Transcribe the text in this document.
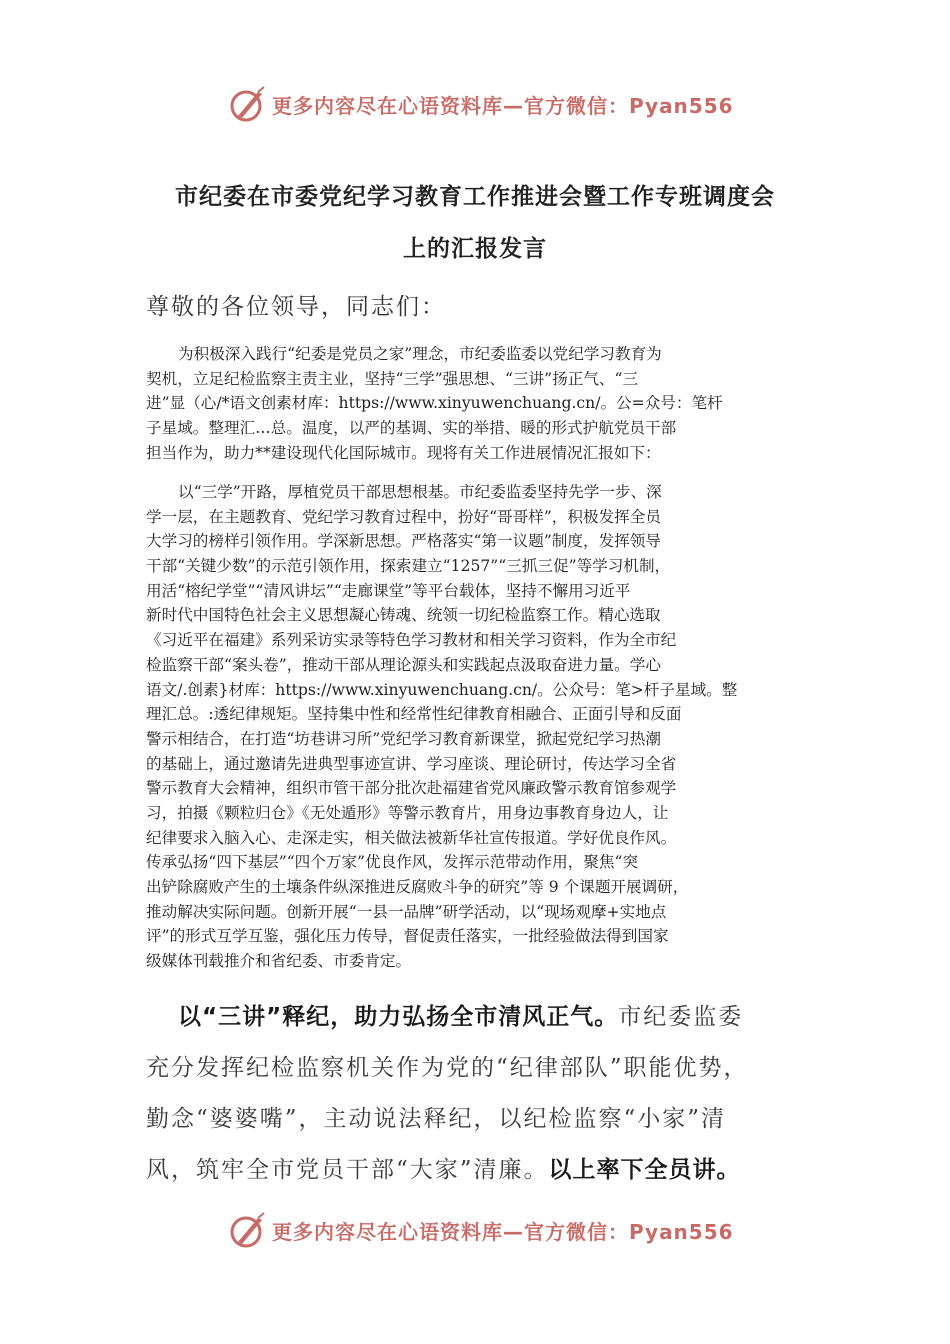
更多内容尽在心语资料库—官方微信：Pyan556
市纪委在市委党纪学习教育工作推进会暨工作专班调度会
上的汇报发言
尊敬的各位领导，同志们：
为积极深入践行“纪委是党员之家”理念，市纪委监委以党纪学习教育为
契机，立足纪检监察主责主业，坚持“三学”强思想、“三讲”扬正气、“三
进”显（心/*语文创素材库：https://www.xinyuwenchuang.cn/。公=众号：笔杆
子星域。整理汇…总。温度，以严的基调、实的举措、暖的形式护航党员干部
担当作为，助力**建设现代化国际城市。现将有关工作进展情况汇报如下：
以“三学”开路，厚植党员干部思想根基。市纪委监委坚持先学一步、深
学一层，在主题教育、党纪学习教育过程中，扮好“哥哥样”，积极发挥全员
大学习的榜样引领作用。学深新思想。严格落实“第一议题”制度，发挥领导
干部“关键少数”的示范引领作用，探索建立“1257”“三抓三促”等学习机制，
用活“榕纪学堂”“清风讲坛”“走廊课堂”等平台载体，坚持不懈用习近平
新时代中国特色社会主义思想凝心铸魂、统领一切纪检监察工作。精心选取
《习近平在福建》系列采访实录等特色学习教材和相关学习资料，作为全市纪
检监察干部“案头卷”，推动干部从理论源头和实践起点汲取奋进力量。学心
语文/.创素}材库：https://www.xinyuwenchuang.cn/。公众号：笔>杆子星域。整
理汇总。:透纪律规矩。坚持集中性和经常性纪律教育相融合、正面引导和反面
警示相结合，在打造“坊巷讲习所”党纪学习教育新课堂，掀起党纪学习热潮
的基础上，通过邀请先进典型事迹宣讲、学习座谈、理论研讨，传达学习全省
警示教育大会精神，组织市管干部分批次赴福建省党风廉政警示教育馆参观学
习，拍摄《颗粒归仓》《无处遁形》等警示教育片，用身边事教育身边人，让
纪律要求入脑入心、走深走实，相关做法被新华社宣传报道。学好优良作风。
传承弘扬“四下基层”“四个万家”优良作风，发挥示范带动作用，聚焦“突
出铲除腐败产生的土壤条件纵深推进反腐败斗争的研究”等 9 个课题开展调研，
推动解决实际问题。创新开展“一县一品牌”研学活动，以“现场观摩+实地点
评”的形式互学互鉴，强化压力传导，督促责任落实，一批经验做法得到国家
级媒体刊载推介和省纪委、市委肯定。
以“三讲”释纪，助力弘扬全市清风正气。市纪委监委
充分发挥纪检监察机关作为党的“纪律部队”职能优势，
勤念“婆婆嘴”，主动说法释纪，以纪检监察“小家”清
风，筑牢全市党员干部“大家”清廉。以上率下全员讲。
更多内容尽在心语资料库—官方微信：Pyan556
